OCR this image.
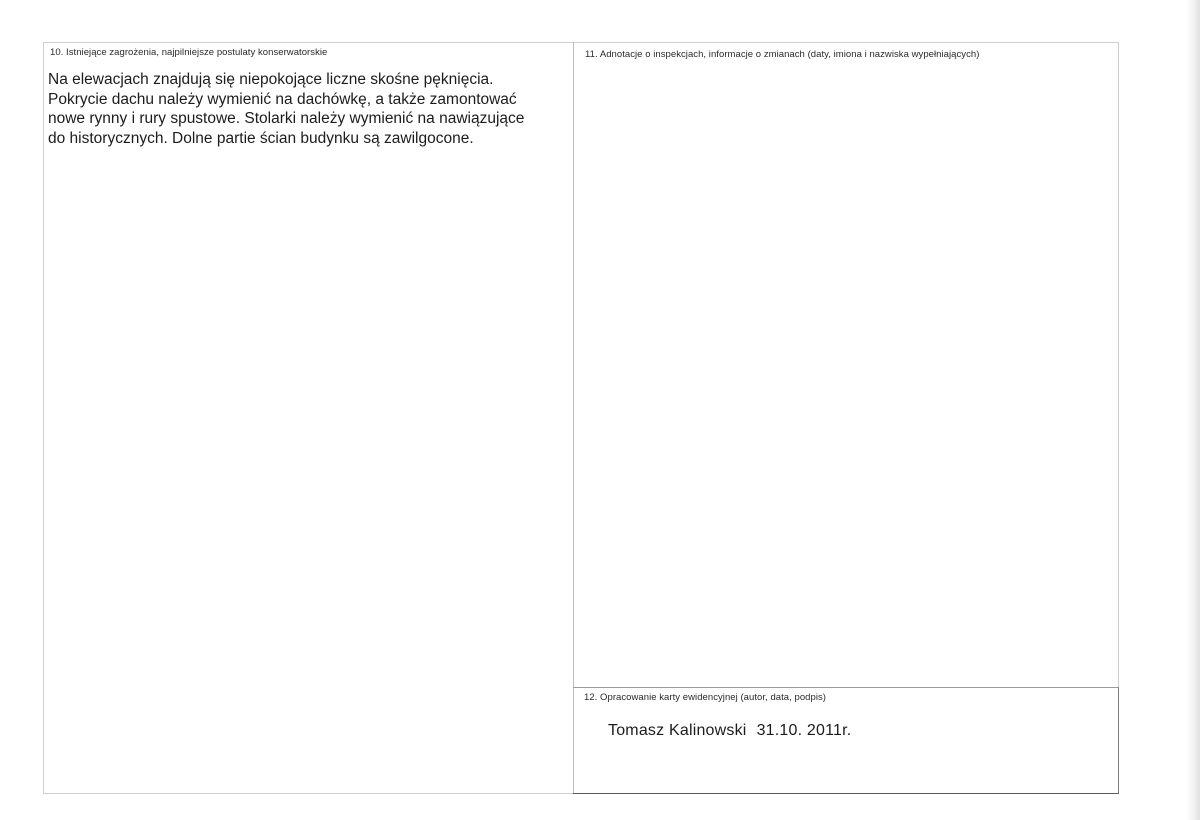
10. Istniejące zagrożenia, najpilniejsze postulaty konserwatorskie
Na elewacjach znajdują się niepokojące liczne skośne pęknięcia.
Pokrycie dachu należy wymienić na dachówkę, a także zamontować
nowe rynny i rury spustowe. Stolarki należy wymienić na nawiązujące
do historycznych. Dolne partie ścian budynku są zawilgocone.
11. Adnotacje o inspekcjach, informacje o zmianach (daty, imiona i nazwiska wypełniających)
12. Opracowanie karty ewidencyjnej (autor, data, podpis)
Tomasz Kalinowski 31.10. 2011r.
